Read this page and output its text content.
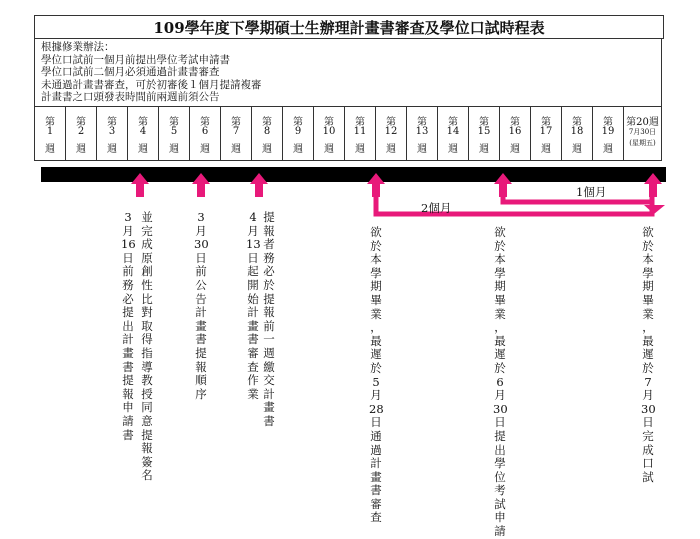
109學年度下學期碩士生辦理計畫書審查及學位口試時程表
根據修業辦法：
學位口試前一個月前提出學位考試申請書
學位口試前二個月必須通過計畫書審查
未通過計畫書審查，可於初審後１個月提請複審
計畫書之口頭發表時間前兩週前須公告
第
1
週
第
2
週
第
3
週
第
4
週
第
5
週
第
6
週
第
7
週
第
8
週
第
9
週
第
10
週
第
11
週
第
12
週
第
13
週
第
14
週
第
15
週
第
16
週
第
17
週
第
18
週
第
19
週
第20週
7月30日
(星期五)
2個月
1個月
並
完
成
原
創
性
比
對
取
得
指
導
教
授
同
意
提
報
簽
名
3
月
16
日
前
務
必
提
出
計
畫
書
提
報
申
請
書
3
月
30
日
前
公
告
計
畫
書
提
報
順
序
提
報
者
務
必
於
提
報
前
一
週
繳
交
計
畫
書
4
月
13
日
起
開
始
計
畫
書
審
查
作
業
欲
於
本
學
期
畢
業
，
最
遲
於
5
月
28
日
通
過
計
畫
書
審
查
欲
於
本
學
期
畢
業
，
最
遲
於
6
月
30
日
提
出
學
位
考
試
申
請
欲
於
本
學
期
畢
業
，
最
遲
於
7
月
30
日
完
成
口
試
